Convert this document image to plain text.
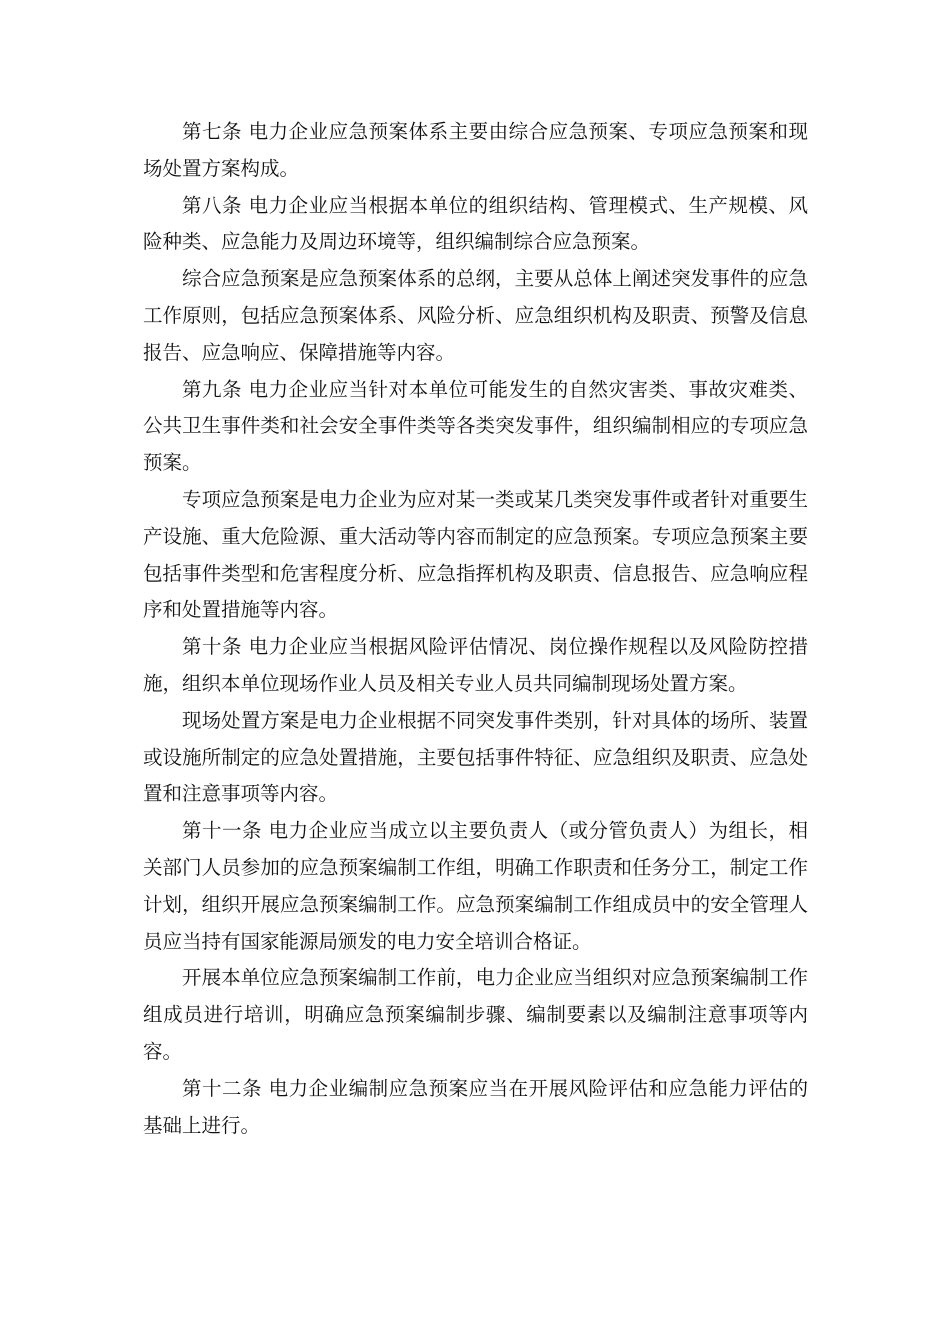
第七条 电力企业应急预案体系主要由综合应急预案、专项应急预案和现场处置方案构成。

第八条 电力企业应当根据本单位的组织结构、管理模式、生产规模、风险种类、应急能力及周边环境等，组织编制综合应急预案。

综合应急预案是应急预案体系的总纲，主要从总体上阐述突发事件的应急工作原则，包括应急预案体系、风险分析、应急组织机构及职责、预警及信息报告、应急响应、保障措施等内容。

第九条 电力企业应当针对本单位可能发生的自然灾害类、事故灾难类、公共卫生事件类和社会安全事件类等各类突发事件，组织编制相应的专项应急预案。

专项应急预案是电力企业为应对某一类或某几类突发事件或者针对重要生产设施、重大危险源、重大活动等内容而制定的应急预案。专项应急预案主要包括事件类型和危害程度分析、应急指挥机构及职责、信息报告、应急响应程序和处置措施等内容。

第十条 电力企业应当根据风险评估情况、岗位操作规程以及风险防控措施，组织本单位现场作业人员及相关专业人员共同编制现场处置方案。

现场处置方案是电力企业根据不同突发事件类别，针对具体的场所、装置或设施所制定的应急处置措施，主要包括事件特征、应急组织及职责、应急处置和注意事项等内容。

第十一条 电力企业应当成立以主要负责人（或分管负责人）为组长，相关部门人员参加的应急预案编制工作组，明确工作职责和任务分工，制定工作计划，组织开展应急预案编制工作。应急预案编制工作组成员中的安全管理人员应当持有国家能源局颁发的电力安全培训合格证。

开展本单位应急预案编制工作前，电力企业应当组织对应急预案编制工作组成员进行培训，明确应急预案编制步骤、编制要素以及编制注意事项等内容。

第十二条 电力企业编制应急预案应当在开展风险评估和应急能力评估的基础上进行。
